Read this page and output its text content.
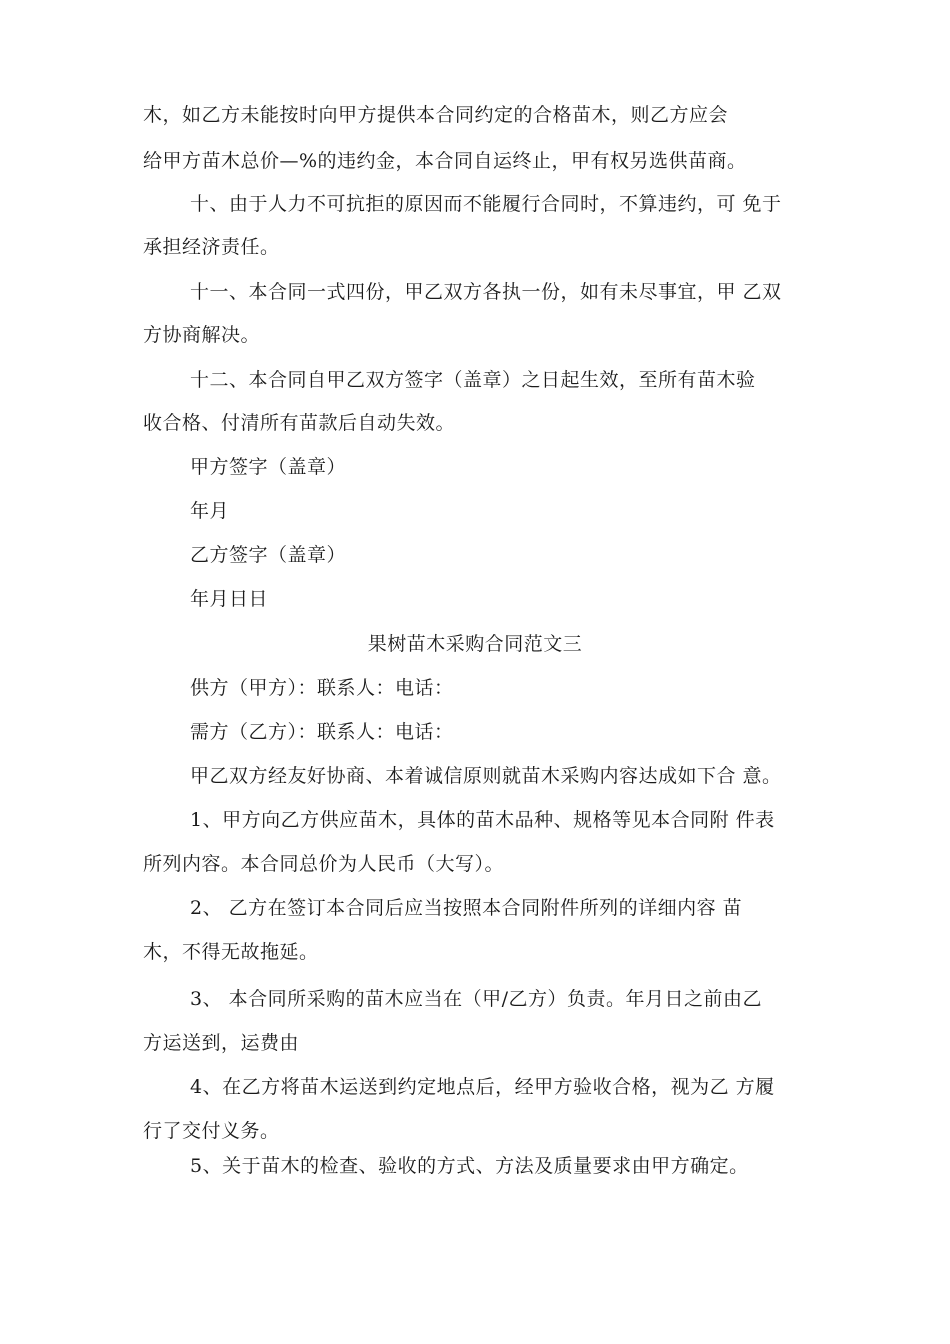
木，如乙方未能按时向甲方提供本合同约定的合格苗木，则乙方应会
给甲方苗木总价—%的违约金，本合同自运终止，甲有权另选供苗商。
十、由于人力不可抗拒的原因而不能履行合同时，不算违约，可 免于
承担经济责任。
十一、本合同一式四份，甲乙双方各执一份，如有未尽事宜，甲 乙双
方协商解决。
十二、本合同自甲乙双方签字（盖章）之日起生效，至所有苗木验
收合格、付清所有苗款后自动失效。
甲方签字（盖章）
年月
乙方签字（盖章）
年月日日
果树苗木采购合同范文三
供方（甲方）：联系人：电话：
需方（乙方）：联系人：电话：
甲乙双方经友好协商、本着诚信原则就苗木采购内容达成如下合 意。
1、甲方向乙方供应苗木，具体的苗木品种、规格等见本合同附 件表
所列内容。本合同总价为人民币（大写）。
2、 乙方在签订本合同后应当按照本合同附件所列的详细内容 苗
木，不得无故拖延。
3、 本合同所采购的苗木应当在（甲/乙方）负责。年月日之前由乙
方运送到，运费由
4、在乙方将苗木运送到约定地点后，经甲方验收合格，视为乙 方履
行了交付义务。
5、关于苗木的检查、验收的方式、方法及质量要求由甲方确定。
